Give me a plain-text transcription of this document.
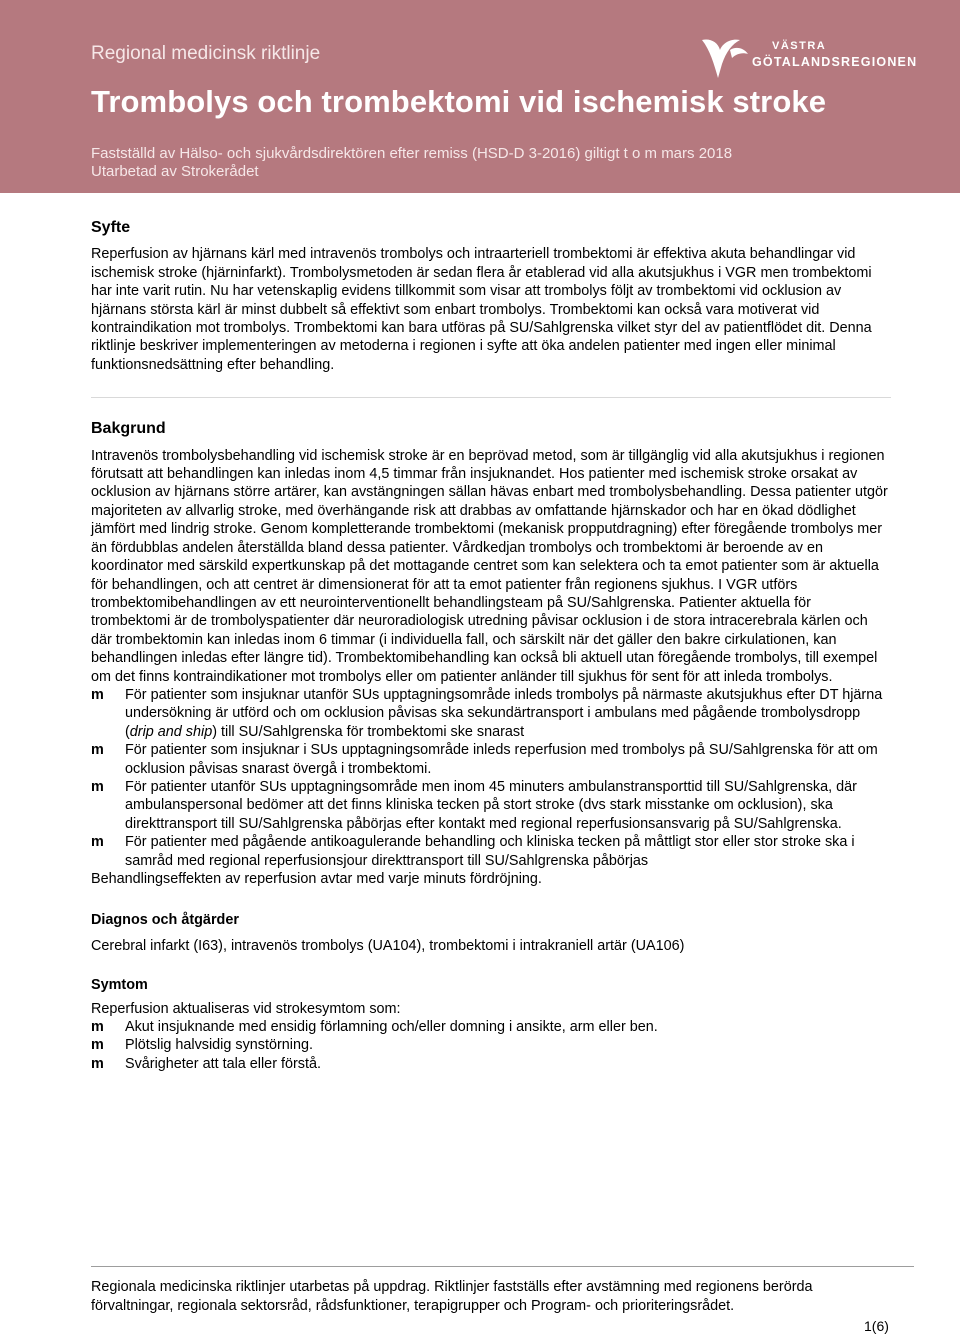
Regional medicinsk riktlinje
Trombolys och trombektomi vid ischemisk stroke
Fastställd av Hälso- och sjukvårdsdirektören efter remiss (HSD-D 3-2016) giltigt t o m mars 2018
Utarbetad av Strokerådet
VÄSTRA
GÖTALANDSREGIONEN
Syfte

Reperfusion av hjärnans kärl med intravenös trombolys och intraarteriell trombektomi är effektiva akuta behandlingar vid ischemisk stroke (hjärninfarkt). Trombolysmetoden är sedan flera år etablerad vid alla akutsjukhus i VGR men trombektomi har inte varit rutin. Nu har vetenskaplig evidens tillkommit som visar att trombolys följt av trombektomi vid ocklusion av hjärnans största kärl är minst dubbelt så effektivt som enbart trombolys. Trombektomi kan också vara motiverat vid kontraindikation mot trombolys. Trombektomi kan bara utföras på SU/Sahlgrenska vilket styr del av patientflödet dit. Denna riktlinje beskriver implementeringen av metoderna i regionen i syfte att öka andelen patienter med ingen eller minimal funktionsnedsättning efter behandling.

Bakgrund

Intravenös trombolysbehandling vid ischemisk stroke är en beprövad metod, som är tillgänglig vid alla akutsjukhus i regionen förutsatt att behandlingen kan inledas inom 4,5 timmar från insjuknandet. Hos patienter med ischemisk stroke orsakat av ocklusion av hjärnans större artärer, kan avstängningen sällan hävas enbart med trombolysbehandling. Dessa patienter utgör majoriteten av allvarlig stroke, med överhängande risk att drabbas av omfattande hjärnskador och har en ökad dödlighet jämfört med lindrig stroke. Genom kompletterande trombektomi (mekanisk propputdragning) efter föregående trombolys mer än fördubblas andelen återställda bland dessa patienter. Vårdkedjan trombolys och trombektomi är beroende av en koordinator med särskild expertkunskap på det mottagande centret som kan selektera och ta emot patienter som är aktuella för behandlingen, och att centret är dimensionerat för att ta emot patienter från regionens sjukhus. I VGR utförs trombektomibehandlingen av ett neurointerventionellt behandlingsteam på SU/Sahlgrenska. Patienter aktuella för trombektomi är de trombolyspatienter där neuroradiologisk utredning påvisar ocklusion i de stora intracerebrala kärlen och där trombektomin kan inledas inom 6 timmar (i individuella fall, och särskilt när det gäller den bakre cirkulationen, kan behandlingen inledas efter längre tid). Trombektomibehandling kan också bli aktuell utan föregående trombolys, till exempel om det finns kontraindikationer mot trombolys eller om patienter anländer till sjukhus för sent för att inleda trombolys.

m För patienter som insjuknar utanför SUs upptagningsområde inleds trombolys på närmaste akutsjukhus efter DT hjärna undersökning är utförd och om ocklusion påvisas ska sekundärtransport i ambulans med pågående trombolysdropp (drip and ship) till SU/Sahlgrenska för trombektomi ske snarast
m För patienter som insjuknar i SUs upptagningsområde inleds reperfusion med trombolys på SU/Sahlgrenska för att om ocklusion påvisas snarast övergå i trombektomi.
m För patienter utanför SUs upptagningsområde men inom 45 minuters ambulanstransporttid till SU/Sahlgrenska, där ambulanspersonal bedömer att det finns kliniska tecken på stort stroke (dvs stark misstanke om ocklusion), ska direkttransport till SU/Sahlgrenska påbörjas efter kontakt med regional reperfusionsansvarig på SU/Sahlgrenska.
m För patienter med pågående antikoagulerande behandling och kliniska tecken på måttligt stor eller stor stroke ska i samråd med regional reperfusionsjour direkttransport till SU/Sahlgrenska påbörjas

Behandlingseffekten av reperfusion avtar med varje minuts fördröjning.

Diagnos och åtgärder

Cerebral infarkt (I63), intravenös trombolys (UA104), trombektomi i intrakraniell artär (UA106)

Symtom

Reperfusion aktualiseras vid strokesymtom som:

m Akut insjuknande med ensidig förlamning och/eller domning i ansikte, arm eller ben.
m Plötslig halvsidig synstörning.
m Svårigheter att tala eller förstå.
Regionala medicinska riktlinjer utarbetas på uppdrag. Riktlinjer fastställs efter avstämning med regionens berörda förvaltningar, regionala sektorsråd, rådsfunktioner, terapigrupper och Program- och prioriteringsrådet.
1(6)
